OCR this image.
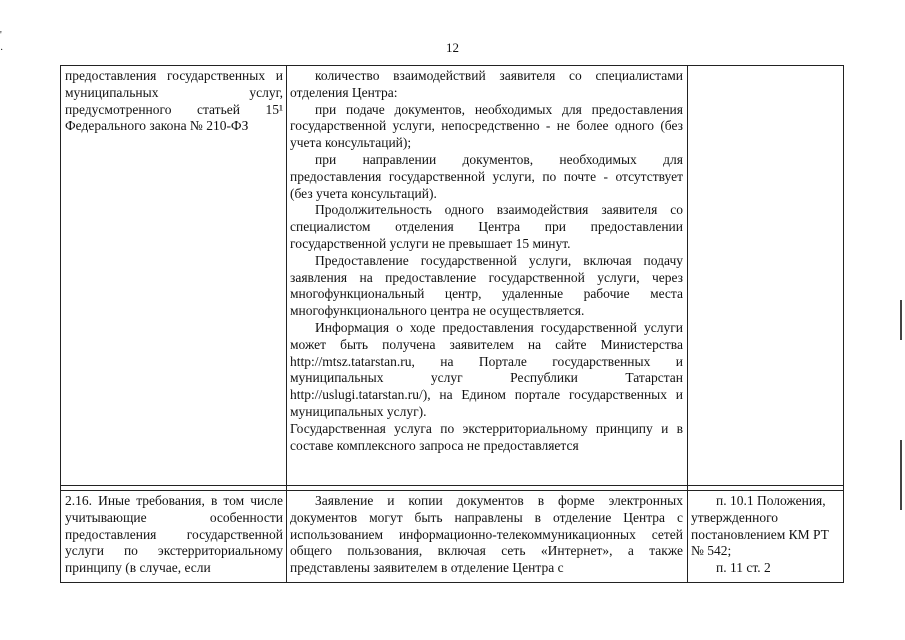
'
·	12

предоставления государственных и муниципальных услуг, предусмотренного статьей 15¹ Федерального закона № 210-ФЗ

количество взаимодействий заявителя со специалистами отделения Центра:

при подаче документов, необходимых для предоставления государственной услуги, непосредственно - не более одного (без учета консультаций);

при направлении документов, необходимых для предоставления государственной услуги, по почте - отсутствует (без учета консультаций).

Продолжительность одного взаимодействия заявителя со специалистом отделения Центра при предоставлении государственной услуги не превышает 15 минут.

Предоставление государственной услуги, включая подачу заявления на предоставление государственной услуги, через многофункциональный центр, удаленные рабочие места многофункционального центра не осуществляется.

Информация о ходе предоставления государственной услуги может быть получена заявителем на сайте Министерства http://mtsz.tatarstan.ru, на Портале государственных и муниципальных услуг Республики Татарстан http://uslugi.tatarstan.ru/), на Едином портале государственных и муниципальных услуг).

Государственная услуга по экстерриториальному принципу и в составе комплексного запроса не предоставляется

2.16. Иные требования, в том числе учитывающие особенности предоставления государственной услуги по экстерриториальному принципу (в случае, если

Заявление и копии документов в форме электронных документов могут быть направлены в отделение Центра с использованием информационно-телекоммуникационных сетей общего пользования, включая сеть «Интернет», а также представлены заявителем в отделение Центра с

п. 10.1 Положения, утвержденного постановлением КМ РТ № 542;

п. 11 ст. 2
